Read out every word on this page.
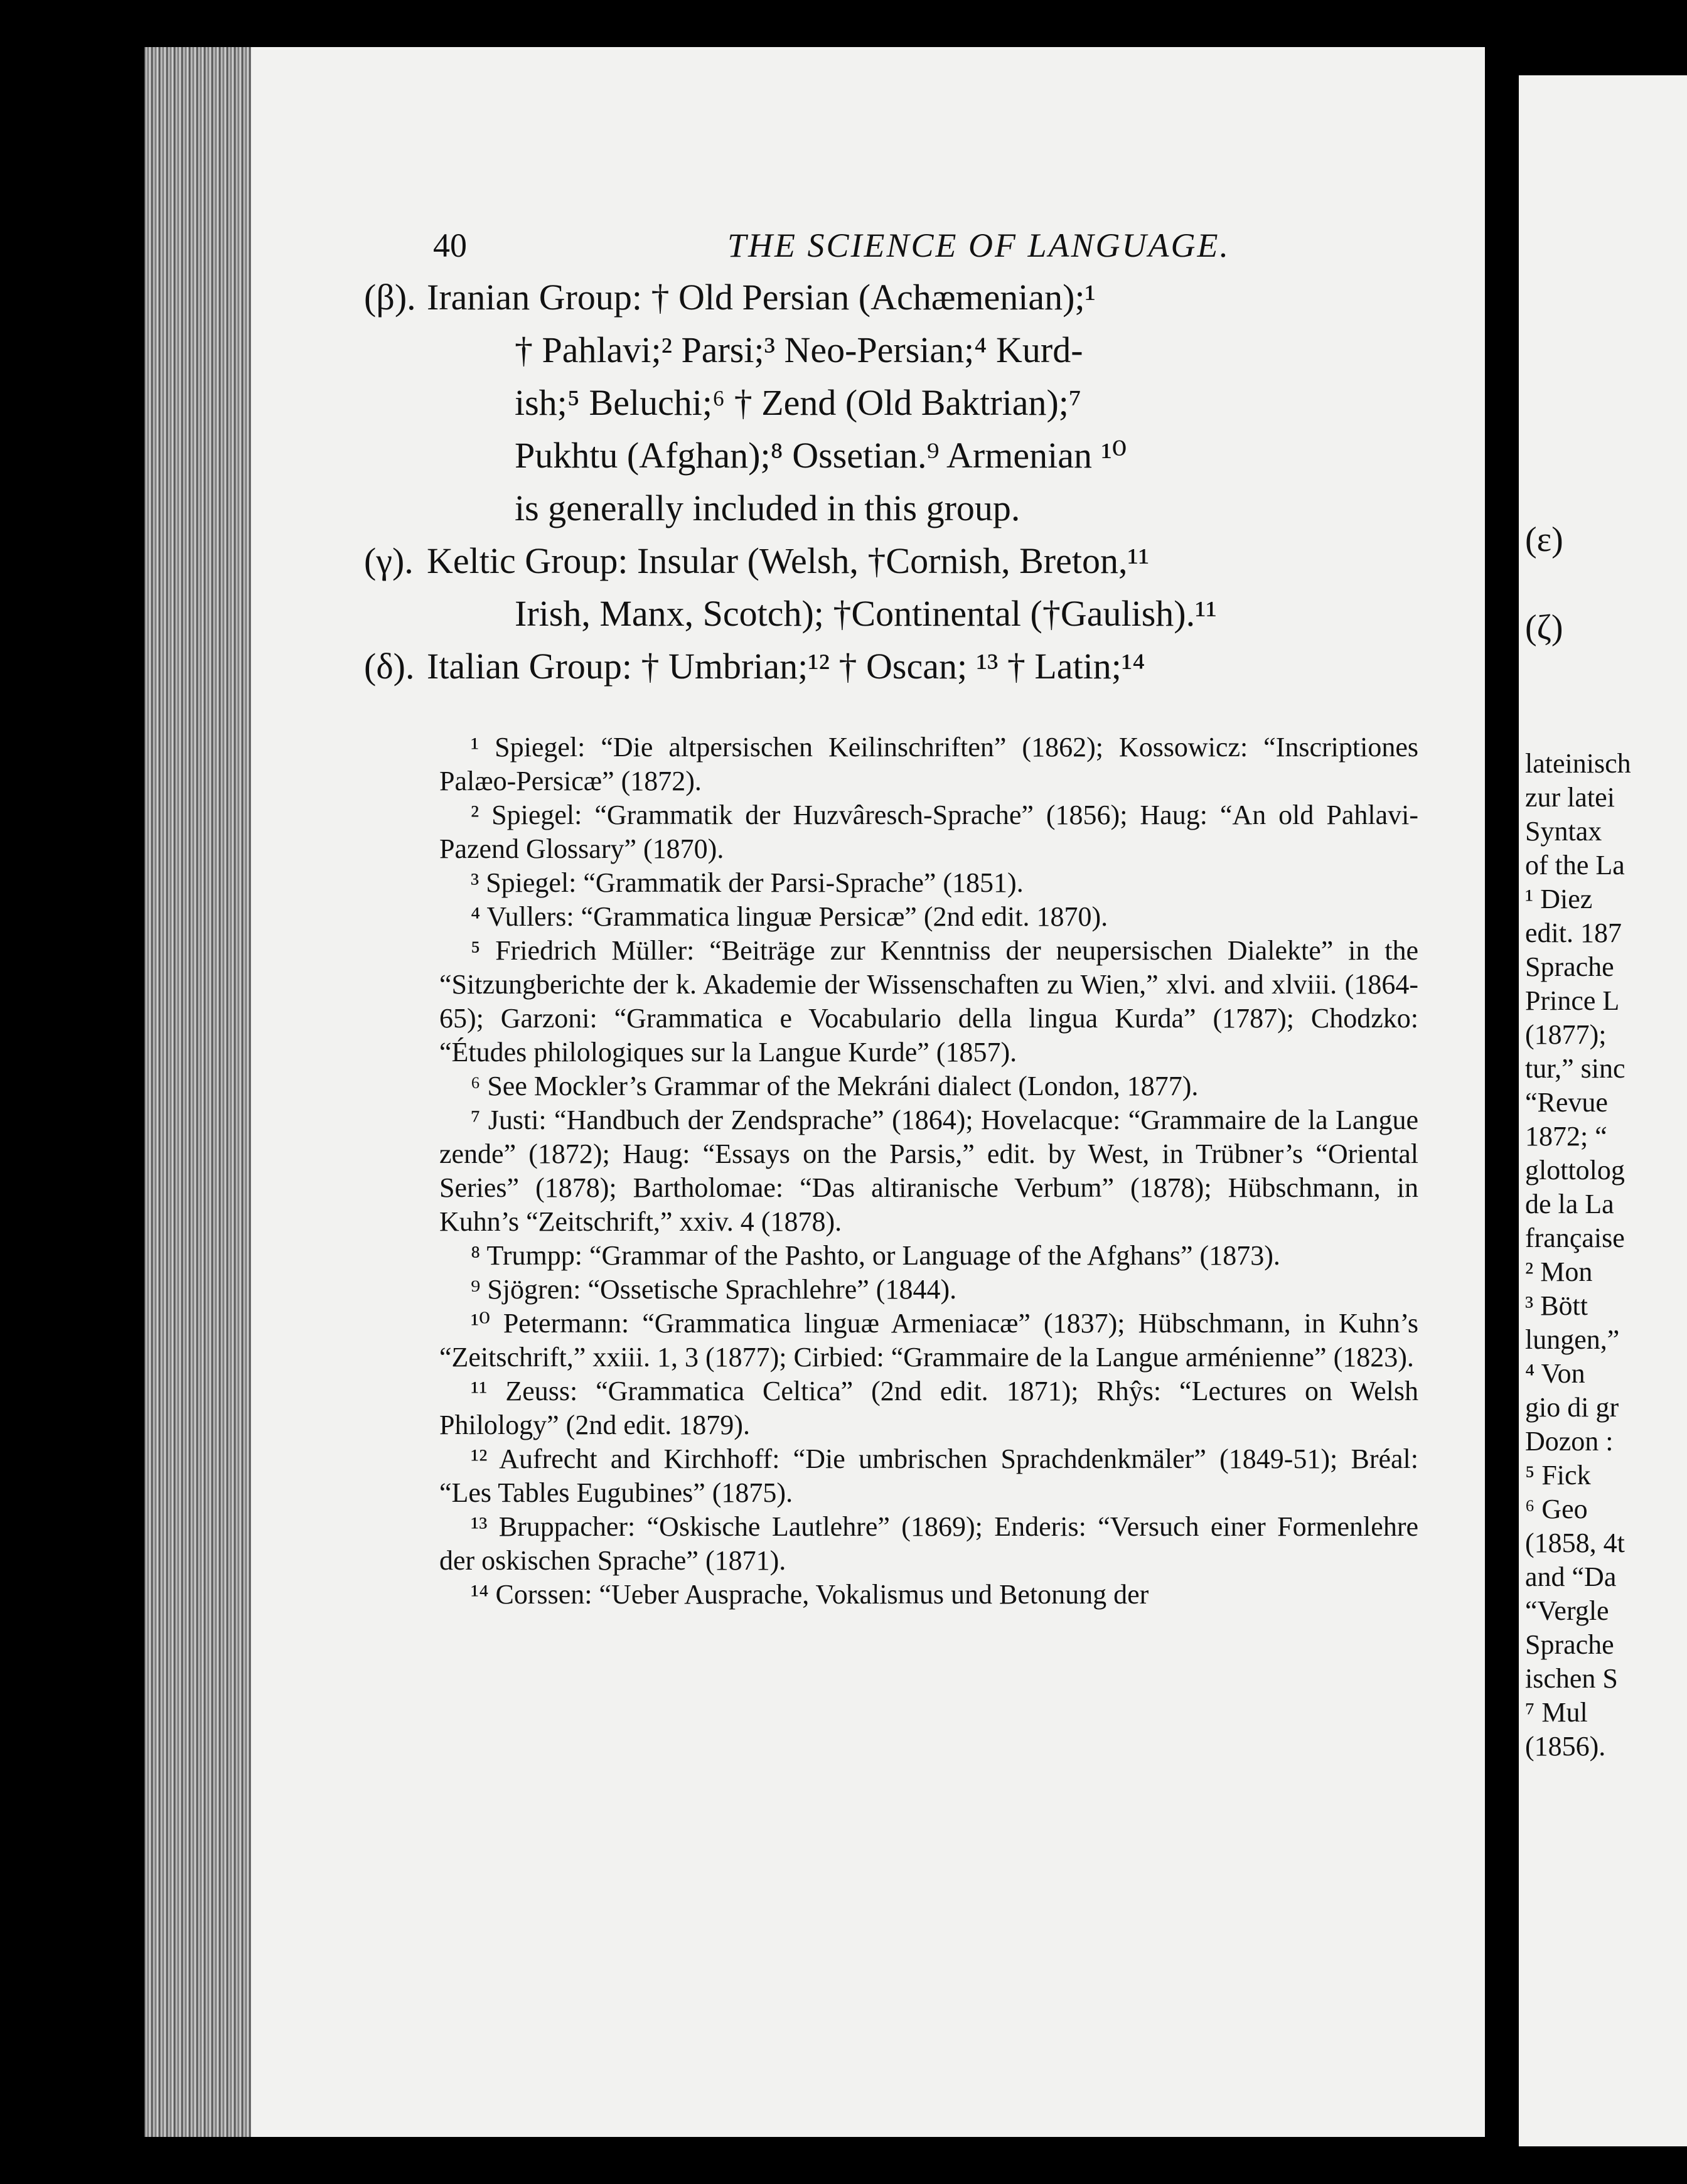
(ε)
(ζ)
lateinisch
zur latei
Syntax
of the La
¹ Diez
edit. 187
Sprache
Prince L
(1877);
tur,” sinc
“Revue
1872; “
glottolog
de la La
française
² Mon
³ Bött
lungen,”
⁴ Von
gio di gr
Dozon :
⁵ Fick
⁶ Geo
(1858, 4t
and “Da
“Vergle
Sprache
ischen S
⁷ Mul
(1856).
40	THE SCIENCE OF LANGUAGE.

(β). Iranian Group: † Old Persian (Achæmenian);¹

† Pahlavi;² Parsi;³ Neo-Persian;⁴ Kurd-

ish;⁵ Beluchi;⁶ † Zend (Old Baktrian);⁷

Pukhtu (Afghan);⁸ Ossetian.⁹ Armenian ¹⁰

is generally included in this group.

(γ). Keltic Group: Insular (Welsh, †Cornish, Breton,¹¹

Irish, Manx, Scotch); †Continental (†Gaulish).¹¹

(δ). Italian Group: † Umbrian;¹² † Oscan; ¹³ † Latin;¹⁴

¹ Spiegel: “Die altpersischen Keilinschriften” (1862); Kossowicz: “Inscriptiones Palæo-Persicæ” (1872).

² Spiegel: “Grammatik der Huzvâresch-Sprache” (1856); Haug: “An old Pahlavi-Pazend Glossary” (1870).

³ Spiegel: “Grammatik der Parsi-Sprache” (1851).

⁴ Vullers: “Grammatica linguæ Persicæ” (2nd edit. 1870).

⁵ Friedrich Müller: “Beiträge zur Kenntniss der neupersischen Dialekte” in the “Sitzungberichte der k. Akademie der Wissenschaften zu Wien,” xlvi. and xlviii. (1864-65); Garzoni: “Grammatica e Vocabulario della lingua Kurda” (1787); Chodzko: “Études philologiques sur la Langue Kurde” (1857).

⁶ See Mockler’s Grammar of the Mekráni dialect (London, 1877).

⁷ Justi: “Handbuch der Zendsprache” (1864); Hovelacque: “Grammaire de la Langue zende” (1872); Haug: “Essays on the Parsis,” edit. by West, in Trübner’s “Oriental Series” (1878); Bartholomae: “Das altiranische Verbum” (1878); Hübschmann, in Kuhn’s “Zeitschrift,” xxiv. 4 (1878).

⁸ Trumpp: “Grammar of the Pashto, or Language of the Afghans” (1873).

⁹ Sjögren: “Ossetische Sprachlehre” (1844).

¹⁰ Petermann: “Grammatica linguæ Armeniacæ” (1837); Hübschmann, in Kuhn’s “Zeitschrift,” xxiii. 1, 3 (1877); Cirbied: “Grammaire de la Langue arménienne” (1823).

¹¹ Zeuss: “Grammatica Celtica” (2nd edit. 1871); Rhŷs: “Lectures on Welsh Philology” (2nd edit. 1879).

¹² Aufrecht and Kirchhoff: “Die umbrischen Sprachdenkmäler” (1849-51); Bréal: “Les Tables Eugubines” (1875).

¹³ Bruppacher: “Oskische Lautlehre” (1869); Enderis: “Versuch einer Formenlehre der oskischen Sprache” (1871).

¹⁴ Corssen: “Ueber Ausprache, Vokalismus und Betonung der
